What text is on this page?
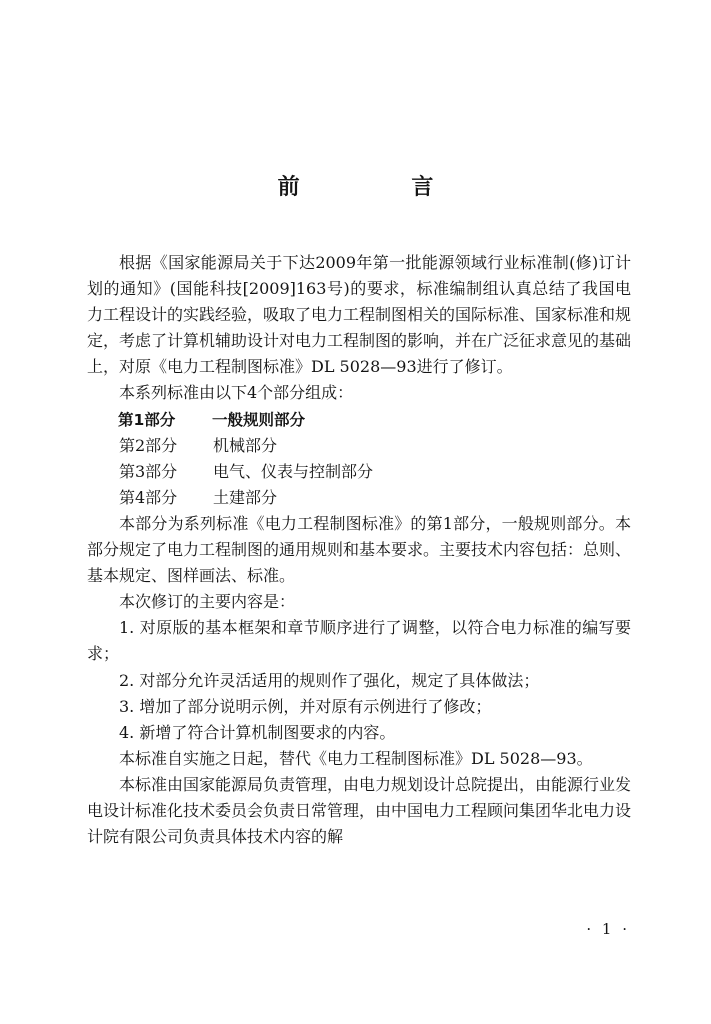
前 言

根据《国家能源局关于下达2009年第一批能源领域行业标准制(修)订计划的通知》(国能科技[2009]163号)的要求，标准编制组认真总结了我国电力工程设计的实践经验，吸取了电力工程制图相关的国际标准、国家标准和规定，考虑了计算机辅助设计对电力工程制图的影响，并在广泛征求意见的基础上，对原《电力工程制图标准》DL 5028—93进行了修订。

本系列标准由以下4个部分组成：

第1部分 一般规则部分

第2部分 机械部分

第3部分 电气、仪表与控制部分

第4部分 土建部分

本部分为系列标准《电力工程制图标准》的第1部分，一般规则部分。本部分规定了电力工程制图的通用规则和基本要求。主要技术内容包括：总则、基本规定、图样画法、标准。

本次修订的主要内容是：

1. 对原版的基本框架和章节顺序进行了调整，以符合电力标准的编写要求；

2. 对部分允许灵活适用的规则作了强化，规定了具体做法；

3. 增加了部分说明示例，并对原有示例进行了修改；

4. 新增了符合计算机制图要求的内容。

本标准自实施之日起，替代《电力工程制图标准》DL 5028—93。

本标准由国家能源局负责管理，由电力规划设计总院提出，由能源行业发电设计标准化技术委员会负责日常管理，由中国电力工程顾问集团华北电力设计院有限公司负责具体技术内容的解

· 1 ·
